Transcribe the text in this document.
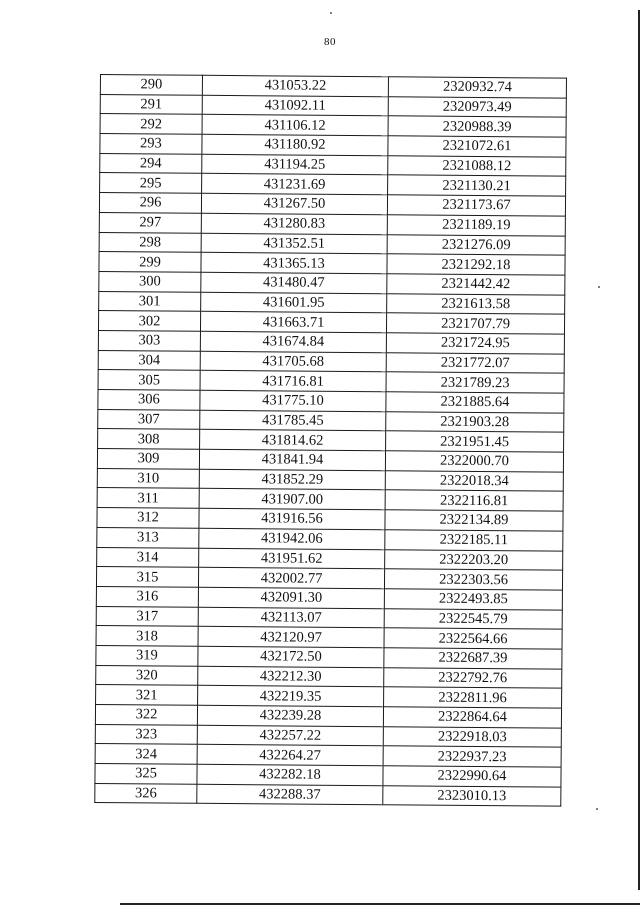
80
290	431053.22	2320932.74
291	431092.11	2320973.49
292	431106.12	2320988.39
293	431180.92	2321072.61
294	431194.25	2321088.12
295	431231.69	2321130.21
296	431267.50	2321173.67
297	431280.83	2321189.19
298	431352.51	2321276.09
299	431365.13	2321292.18
300	431480.47	2321442.42
301	431601.95	2321613.58
302	431663.71	2321707.79
303	431674.84	2321724.95
304	431705.68	2321772.07
305	431716.81	2321789.23
306	431775.10	2321885.64
307	431785.45	2321903.28
308	431814.62	2321951.45
309	431841.94	2322000.70
310	431852.29	2322018.34
311	431907.00	2322116.81
312	431916.56	2322134.89
313	431942.06	2322185.11
314	431951.62	2322203.20
315	432002.77	2322303.56
316	432091.30	2322493.85
317	432113.07	2322545.79
318	432120.97	2322564.66
319	432172.50	2322687.39
320	432212.30	2322792.76
321	432219.35	2322811.96
322	432239.28	2322864.64
323	432257.22	2322918.03
324	432264.27	2322937.23
325	432282.18	2322990.64
326	432288.37	2323010.13
